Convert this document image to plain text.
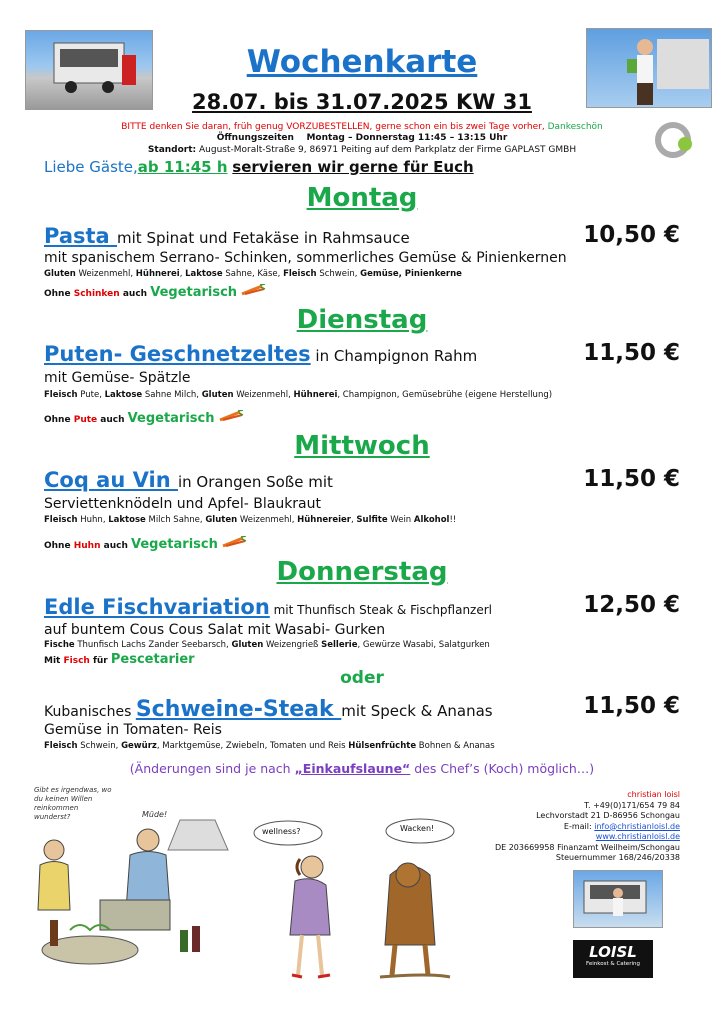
Wochenkarte
28.07. bis 31.07.2025 KW 31
BITTE denken Sie daran, früh genug VORZUBESTELLEN, gerne schon ein bis zwei Tage vorher, Dankeschön
Öffnungszeiten Montag – Donnerstag 11:45 – 13:15 Uhr
Standort: August-Moralt-Straße 9, 86971 Peiting auf dem Parkplatz der Firme GAPLAST GMBH
Liebe Gäste,ab 11:45 h servieren wir gerne für Euch
Montag
Pasta mit Spinat und Fetakäse in Rahmsauce	10,50 €
mit spanischem Serrano- Schinken, sommerliches Gemüse & Pinienkernen
Gluten Weizenmehl, Hühnerei, Laktose Sahne, Käse, Fleisch Schwein, Gemüse, Pinienkerne
Ohne Schinken auch Vegetarisch
Dienstag
Puten- Geschnetzeltes in Champignon Rahm	11,50 €
mit Gemüse- Spätzle
Fleisch Pute, Laktose Sahne Milch, Gluten Weizenmehl, Hühnerei, Champignon, Gemüsebrühe (eigene Herstellung)
Ohne Pute auch Vegetarisch
Mittwoch
Coq au Vin in Orangen Soße mit	11,50 €
Serviettenknödeln und Apfel- Blaukraut
Fleisch Huhn, Laktose Milch Sahne, Gluten Weizenmehl, Hühnereier, Sulfite Wein Alkohol!!
Ohne Huhn auch Vegetarisch
Donnerstag
Edle Fischvariation mit Thunfisch Steak & Fischpflanzerl	12,50 €
auf buntem Cous Cous Salat mit Wasabi- Gurken
Fische Thunfisch Lachs Zander Seebarsch, Gluten Weizengrieß Sellerie, Gewürze Wasabi, Salatgurken
Mit Fisch für Pescetarier
oder
Kubanisches Schweine-Steak mit Speck & Ananas	11,50 €
Gemüse in Tomaten- Reis
Fleisch Schwein, Gewürz, Marktgemüse, Zwiebeln, Tomaten und Reis Hülsenfrüchte Bohnen & Ananas
(Änderungen sind je nach „Einkaufslaune“ des Chef’s (Koch) möglich…)
christian loisl
T. +49(0)171/654 79 84
Lechvorstadt 21 D-86956 Schongau
E-mail: info@christianloisl.de
www.christianloisl.de
DE 203669958 Finanzamt Weilheim/Schongau
Steuernummer 168/246/20338
Gibt es irgendwas, wo du keinen Willen reinkommen wunderst?	Müde!
wellness?	Wacken!
LOISL
Feinkost & Catering
